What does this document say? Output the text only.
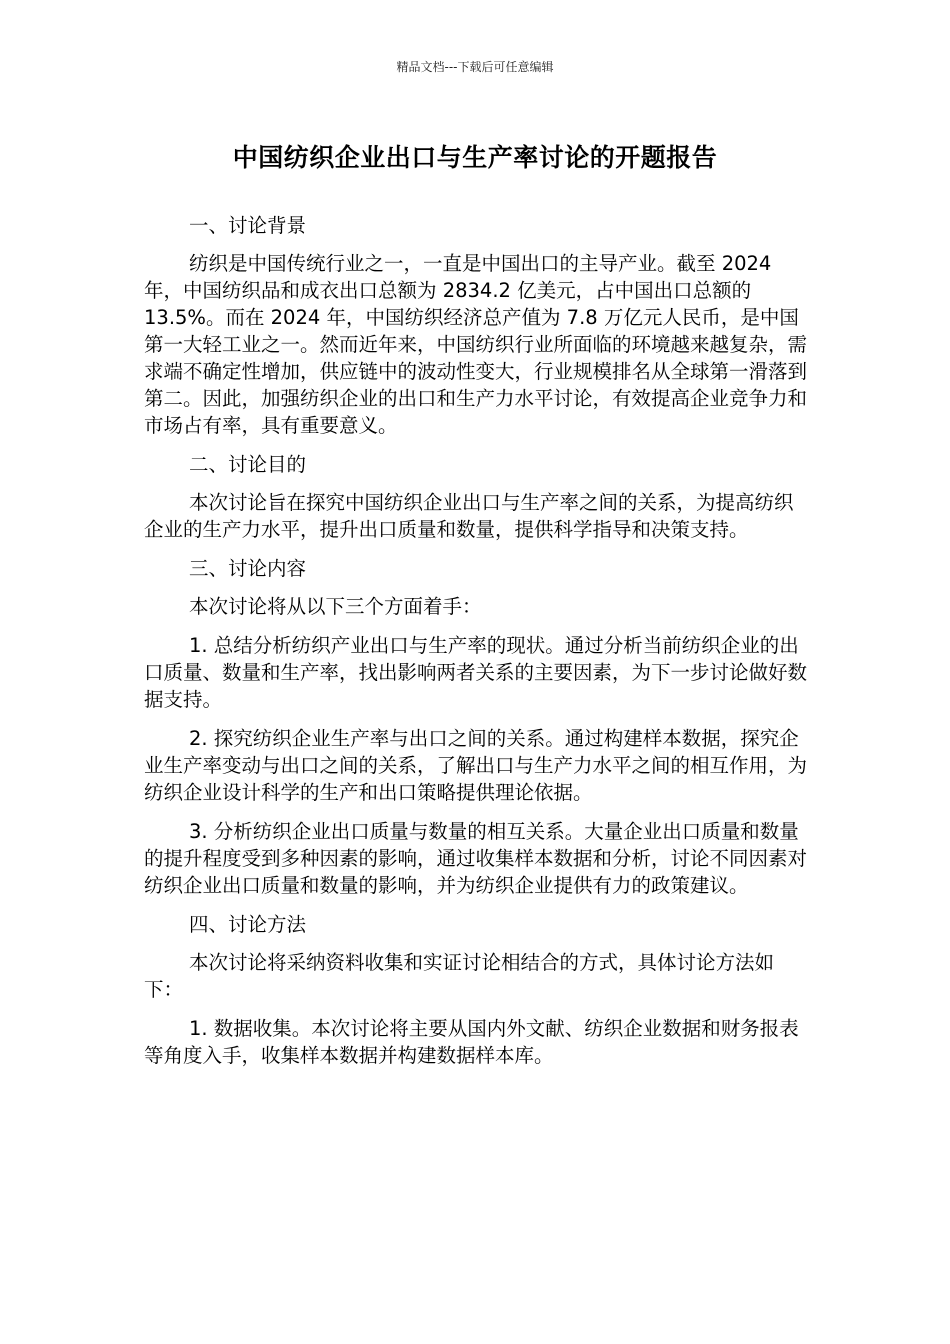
精品文档---下载后可任意编辑
中国纺织企业出口与生产率讨论的开题报告

一、讨论背景

纺织是中国传统行业之一，一直是中国出口的主导产业。截至 2024 年，中国纺织品和成衣出口总额为 2834.2 亿美元，占中国出口总额的 13.5%。而在 2024 年，中国纺织经济总产值为 7.8 万亿元人民币，是中国第一大轻工业之一。然而近年来，中国纺织行业所面临的环境越来越复杂，需求端不确定性增加，供应链中的波动性变大，行业规模排名从全球第一滑落到第二。因此，加强纺织企业的出口和生产力水平讨论，有效提高企业竞争力和市场占有率，具有重要意义。

二、讨论目的

本次讨论旨在探究中国纺织企业出口与生产率之间的关系，为提高纺织企业的生产力水平，提升出口质量和数量，提供科学指导和决策支持。

三、讨论内容

本次讨论将从以下三个方面着手：

1. 总结分析纺织产业出口与生产率的现状。通过分析当前纺织企业的出口质量、数量和生产率，找出影响两者关系的主要因素，为下一步讨论做好数据支持。

2. 探究纺织企业生产率与出口之间的关系。通过构建样本数据，探究企业生产率变动与出口之间的关系，了解出口与生产力水平之间的相互作用，为纺织企业设计科学的生产和出口策略提供理论依据。

3. 分析纺织企业出口质量与数量的相互关系。大量企业出口质量和数量的提升程度受到多种因素的影响，通过收集样本数据和分析，讨论不同因素对纺织企业出口质量和数量的影响，并为纺织企业提供有力的政策建议。

四、讨论方法

本次讨论将采纳资料收集和实证讨论相结合的方式，具体讨论方法如下：

1. 数据收集。本次讨论将主要从国内外文献、纺织企业数据和财务报表等角度入手，收集样本数据并构建数据样本库。
